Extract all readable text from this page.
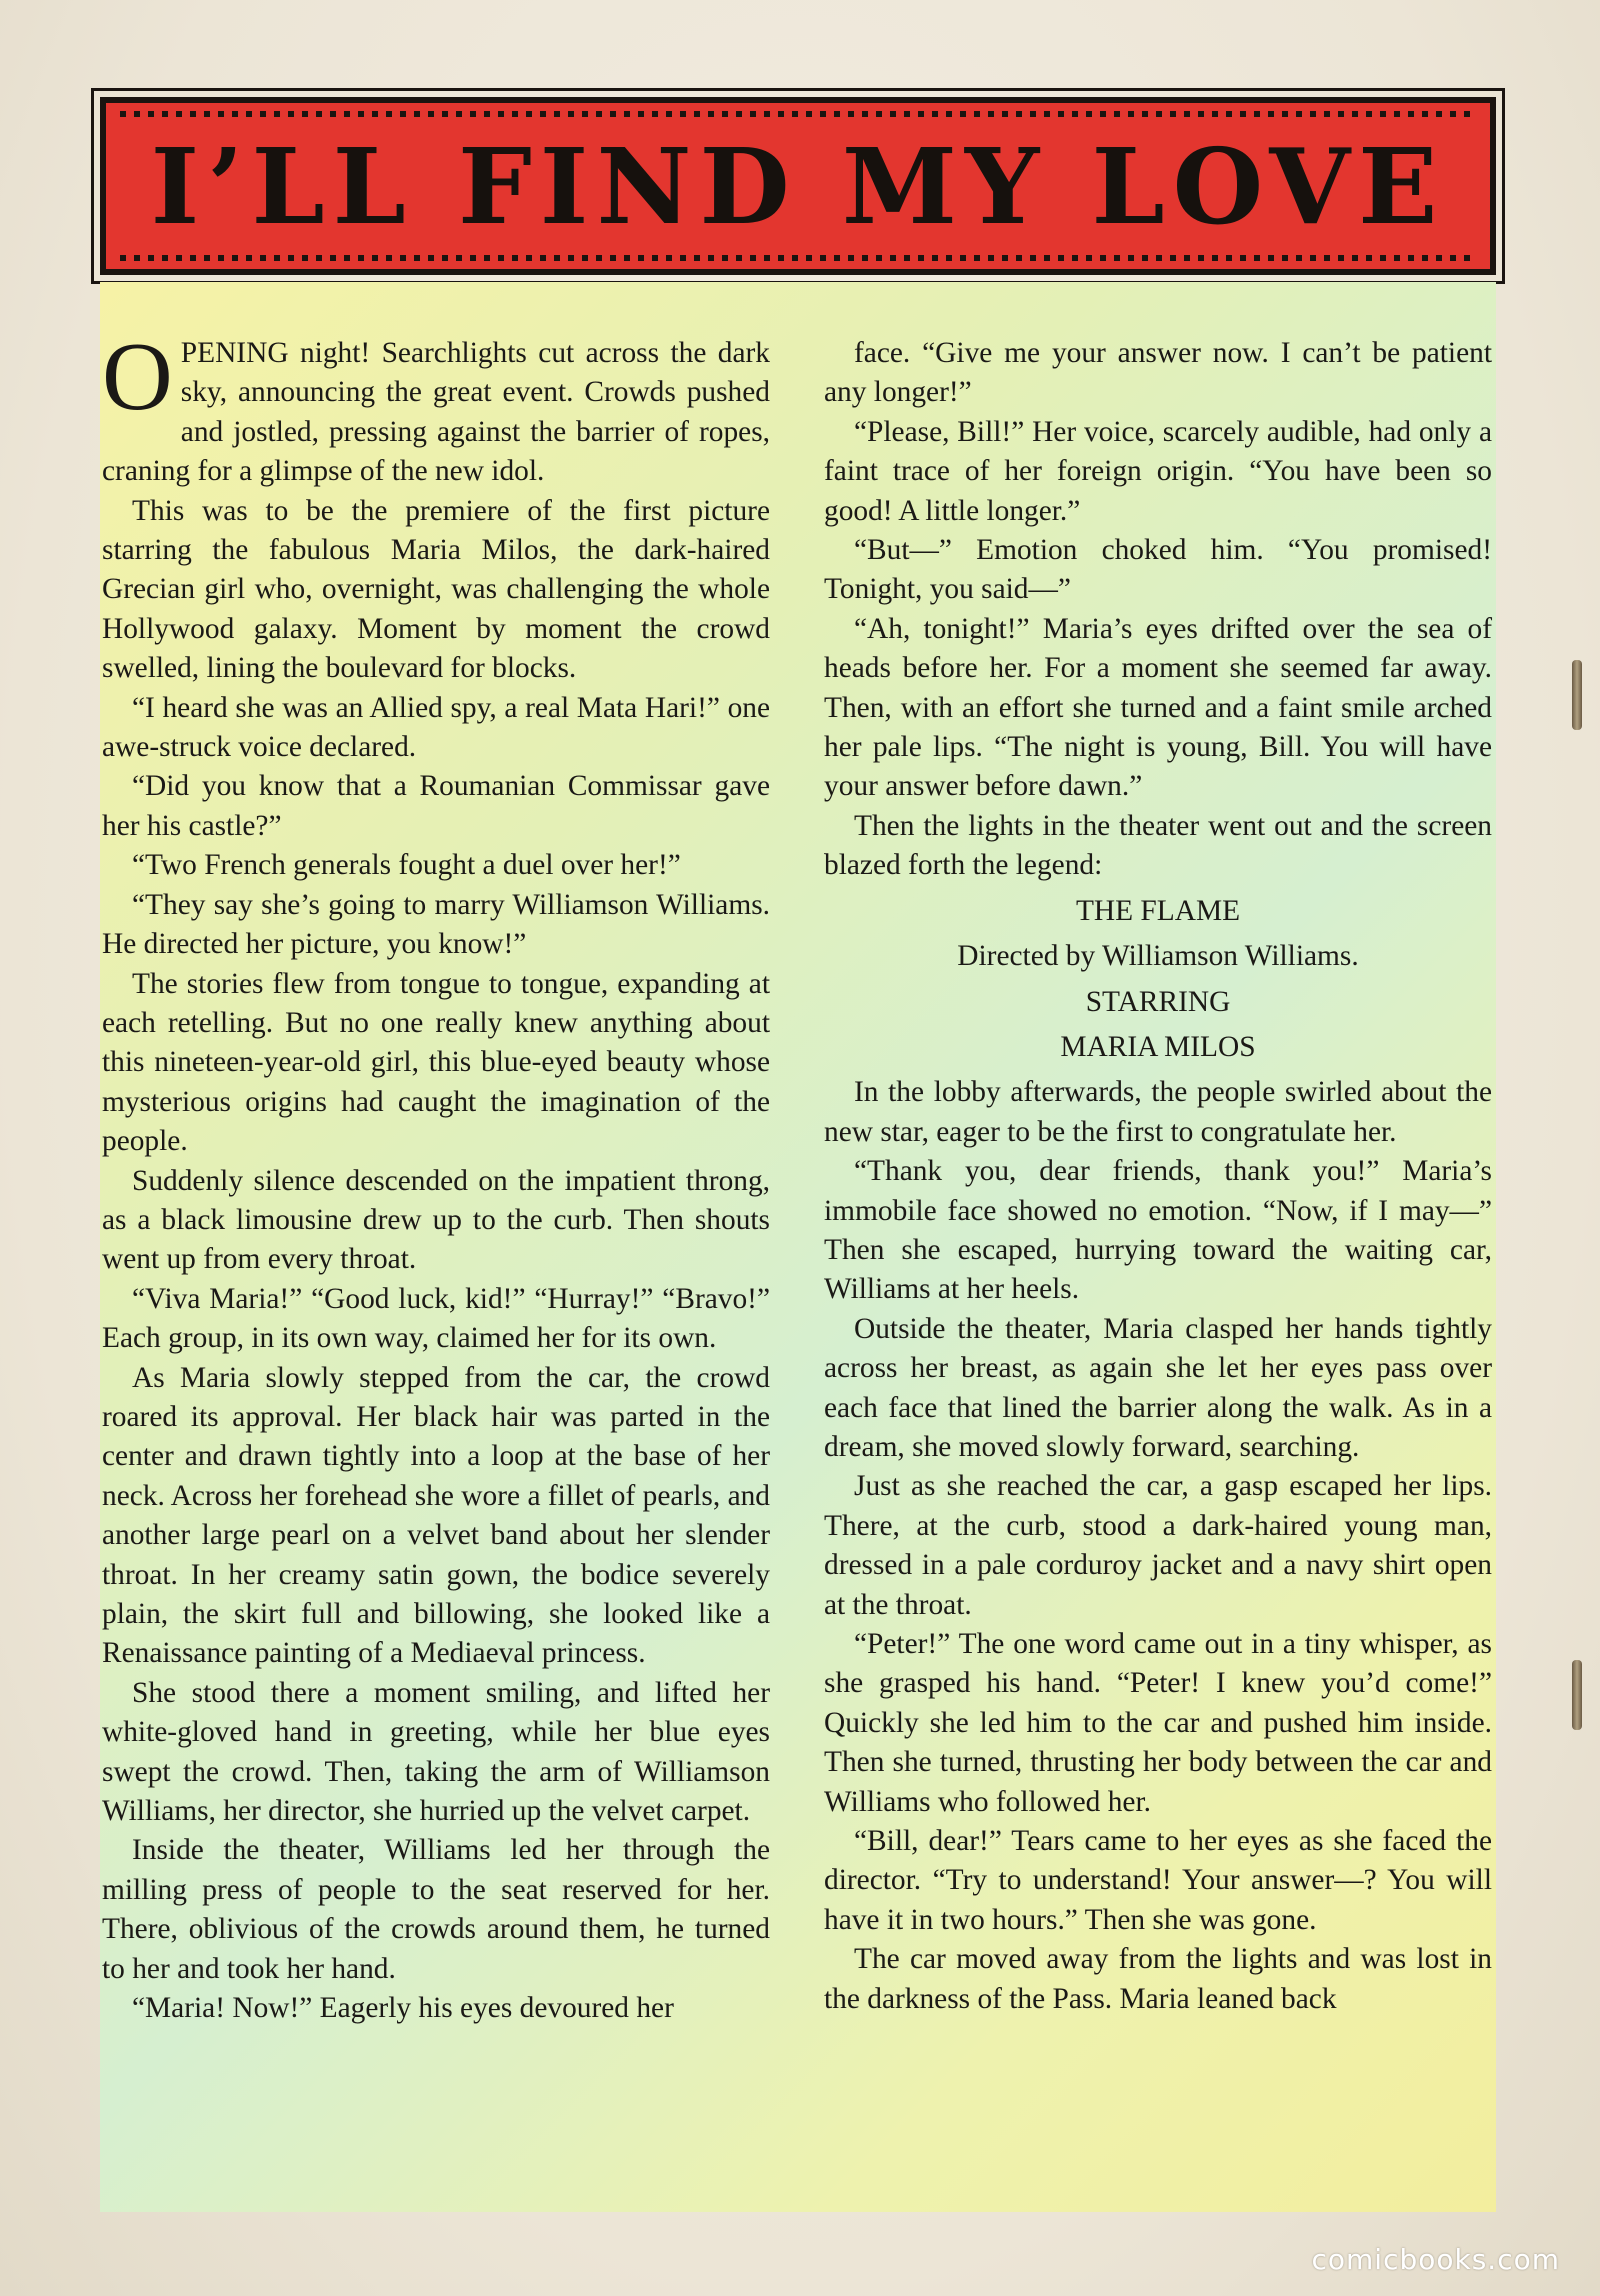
I’LL FIND MY LOVE

OPENING night! Searchlights cut across the dark sky, announcing the great event. Crowds pushed and jostled, pressing against the barrier of ropes, craning for a glimpse of the new idol.

This was to be the premiere of the first picture starring the fabulous Maria Milos, the dark-haired Grecian girl who, overnight, was challenging the whole Hollywood galaxy. Moment by moment the crowd swelled, lining the boulevard for blocks.

“I heard she was an Allied spy, a real Mata Hari!” one awe-struck voice declared.

“Did you know that a Roumanian Commissar gave her his castle?”

“Two French generals fought a duel over her!”

“They say she’s going to marry Williamson Williams. He directed her picture, you know!”

The stories flew from tongue to tongue, expanding at each retelling. But no one really knew anything about this nineteen-year-old girl, this blue-eyed beauty whose mysterious origins had caught the imagination of the people.

Suddenly silence descended on the impatient throng, as a black limousine drew up to the curb. Then shouts went up from every throat.

“Viva Maria!” “Good luck, kid!” “Hurray!” “Bravo!” Each group, in its own way, claimed her for its own.

As Maria slowly stepped from the car, the crowd roared its approval. Her black hair was parted in the center and drawn tightly into a loop at the base of her neck. Across her forehead she wore a fillet of pearls, and another large pearl on a velvet band about her slender throat. In her creamy satin gown, the bodice severely plain, the skirt full and billowing, she looked like a Renaissance painting of a Mediaeval princess.

She stood there a moment smiling, and lifted her white-gloved hand in greeting, while her blue eyes swept the crowd. Then, taking the arm of Williamson Williams, her director, she hurried up the velvet carpet.

Inside the theater, Williams led her through the milling press of people to the seat reserved for her. There, oblivious of the crowds around them, he turned to her and took her hand.

“Maria! Now!” Eagerly his eyes devoured her

face. “Give me your answer now. I can’t be patient any longer!”

“Please, Bill!” Her voice, scarcely audible, had only a faint trace of her foreign origin. “You have been so good! A little longer.”

“But—” Emotion choked him. “You promised! Tonight, you said—”

“Ah, tonight!” Maria’s eyes drifted over the sea of heads before her. For a moment she seemed far away. Then, with an effort she turned and a faint smile arched her pale lips. “The night is young, Bill. You will have your answer before dawn.”

Then the lights in the theater went out and the screen blazed forth the legend:

THE FLAME

Directed by Williamson Williams.

STARRING

MARIA MILOS

In the lobby afterwards, the people swirled about the new star, eager to be the first to congratulate her.

“Thank you, dear friends, thank you!” Maria’s immobile face showed no emotion. “Now, if I may—” Then she escaped, hurrying toward the waiting car, Williams at her heels.

Outside the theater, Maria clasped her hands tightly across her breast, as again she let her eyes pass over each face that lined the barrier along the walk. As in a dream, she moved slowly forward, searching.

Just as she reached the car, a gasp escaped her lips. There, at the curb, stood a dark-haired young man, dressed in a pale corduroy jacket and a navy shirt open at the throat.

“Peter!” The one word came out in a tiny whisper, as she grasped his hand. “Peter! I knew you’d come!” Quickly she led him to the car and pushed him inside. Then she turned, thrusting her body between the car and Williams who followed her.

“Bill, dear!” Tears came to her eyes as she faced the director. “Try to understand! Your answer—? You will have it in two hours.” Then she was gone.

The car moved away from the lights and was lost in the darkness of the Pass. Maria leaned back

comicbooks.com
